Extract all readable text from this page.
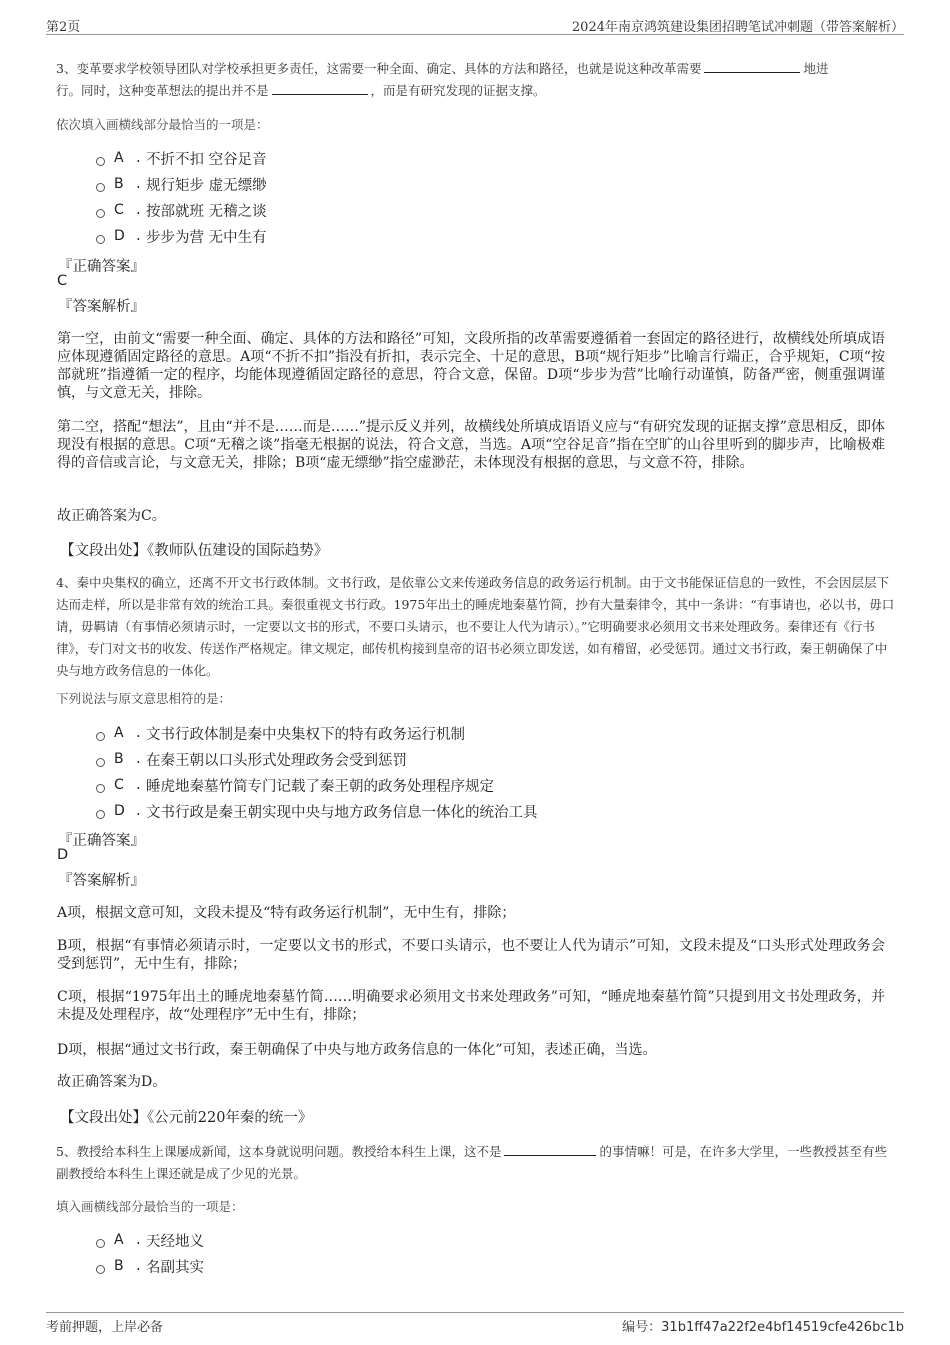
第2页	2024年南京鸿筑建设集团招聘笔试冲刺题（带答案解析）
3、变革要求学校领导团队对学校承担更多责任，这需要一种全面、确定、具体的方法和路径，也就是说这种改革需要	地进
行。同时，这种变革想法的提出并不是	，而是有研究发现的证据支撑。
依次填入画横线部分最恰当的一项是：
A . 不折不扣 空谷足音
B . 规行矩步 虚无缥缈
C . 按部就班 无稽之谈
D . 步步为营 无中生有
『正确答案』
C
『答案解析』
第一空，由前文“需要一种全面、确定、具体的方法和路径”可知，文段所指的改革需要遵循着一套固定的路径进行，故横线处所填成语应体现遵循固定路径的意思。A项“不折不扣”指没有折扣，表示完全、十足的意思，B项“规行矩步”比喻言行端正，合乎规矩，C项“按部就班”指遵循一定的程序，均能体现遵循固定路径的意思，符合文意，保留。D项“步步为营”比喻行动谨慎，防备严密，侧重强调谨慎，与文意无关，排除。
第二空，搭配“想法”，且由“并不是……而是……”提示反义并列，故横线处所填成语语义应与“有研究发现的证据支撑”意思相反，即体现没有根据的意思。C项“无稽之谈”指毫无根据的说法，符合文意，当选。A项“空谷足音”指在空旷的山谷里听到的脚步声，比喻极难得的音信或言论，与文意无关，排除；B项“虚无缥缈”指空虚渺茫，未体现没有根据的意思，与文意不符，排除。
故正确答案为C。
【文段出处】《教师队伍建设的国际趋势》
4、秦中央集权的确立，还离不开文书行政体制。文书行政，是依靠公文来传递政务信息的政务运行机制。由于文书能保证信息的一致性，不会因层层下达而走样，所以是非常有效的统治工具。秦很重视文书行政。1975年出土的睡虎地秦墓竹简，抄有大量秦律令，其中一条讲：“有事请也，必以书，毋口请，毋羁请（有事情必须请示时，一定要以文书的形式，不要口头请示，也不要让人代为请示）。”它明确要求必须用文书来处理政务。秦律还有《行书律》，专门对文书的收发、传送作严格规定。律文规定，邮传机构接到皇帝的诏书必须立即发送，如有稽留，必受惩罚。通过文书行政，秦王朝确保了中央与地方政务信息的一体化。
下列说法与原文意思相符的是：
A . 文书行政体制是秦中央集权下的特有政务运行机制
B . 在秦王朝以口头形式处理政务会受到惩罚
C . 睡虎地秦墓竹简专门记载了秦王朝的政务处理程序规定
D . 文书行政是秦王朝实现中央与地方政务信息一体化的统治工具
『正确答案』
D
『答案解析』
A项，根据文意可知，文段未提及“特有政务运行机制”，无中生有，排除；
B项，根据“有事情必须请示时，一定要以文书的形式，不要口头请示，也不要让人代为请示”可知，文段未提及“口头形式处理政务会受到惩罚”，无中生有，排除；
C项，根据“1975年出土的睡虎地秦墓竹简……明确要求必须用文书来处理政务”可知，“睡虎地秦墓竹简”只提到用文书处理政务，并未提及处理程序，故“处理程序”无中生有，排除；
D项，根据“通过文书行政，秦王朝确保了中央与地方政务信息的一体化”可知，表述正确，当选。
故正确答案为D。
【文段出处】《公元前220年秦的统一》
5、教授给本科生上课屡成新闻，这本身就说明问题。教授给本科生上课，这不是	的事情嘛！可是，在许多大学里，一些教授甚至有些副教授给本科生上课还就是成了少见的光景。
填入画横线部分最恰当的一项是：
A . 天经地义
B . 名副其实
考前押题，上岸必备	编号：31b1ff47a22f2e4bf14519cfe426bc1b
